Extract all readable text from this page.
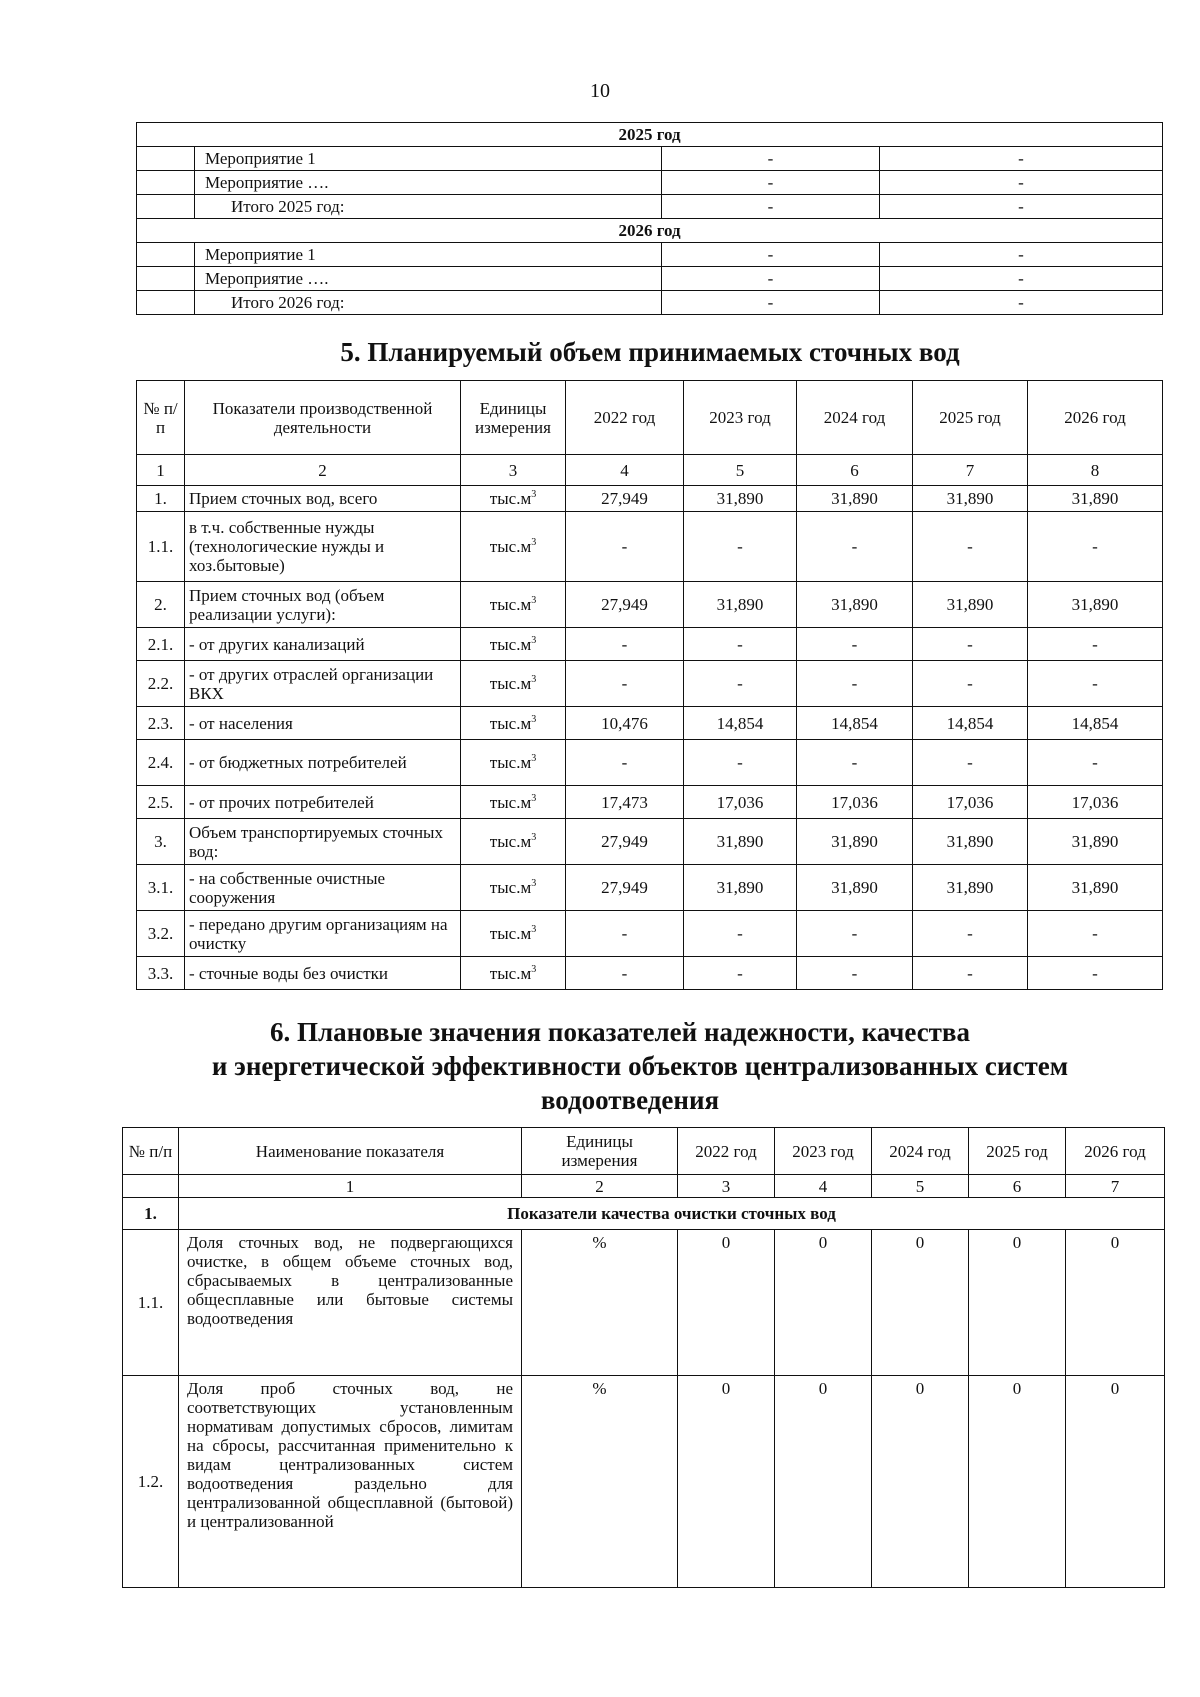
10
2025 год			
	Мероприятие 1	-	-
	Мероприятие ….	-	-
	Итого 2025 год:	-	-
2026 год			
	Мероприятие 1	-	-
	Мероприятие ….	-	-
	Итого 2026 год:	-	-
5. Планируемый объем принимаемых сточных вод
№ п/п	Показатели производственной деятельности	Единицы измерения	2022 год	2023 год	2024 год	2025 год	2026 год
1	2	3	4	5	6	7	8
1.	Прием сточных вод, всего	$тыс.м^3$	27,949	31,890	31,890	31,890	31,890
1.1.	в т.ч. собственные нужды (технологические нужды и хоз.бытовые)	$тыс.м^3$	-	-	-	-	-
2.	Прием сточных вод (объем реализации услуги):	$тыс.м^3$	27,949	31,890	31,890	31,890	31,890
2.1.	- от других канализаций	$тыс.м^3$	-	-	-	-	-
2.2.	- от других отраслей организации ВКХ	$тыс.м^3$	-	-	-	-	-
2.3.	- от населения	$тыс.м^3$	10,476	14,854	14,854	14,854	14,854
2.4.	- от бюджетных потребителей	$тыс.м^3$	-	-	-	-	-
2.5.	- от прочих потребителей	$тыс.м^3$	17,473	17,036	17,036	17,036	17,036
3.	Объем транспортируемых сточных вод:	$тыс.м^3$	27,949	31,890	31,890	31,890	31,890
3.1.	- на собственные очистные сооружения	$тыс.м^3$	27,949	31,890	31,890	31,890	31,890
3.2.	- передано другим организациям на очистку	$тыс.м^3$	-	-	-	-	-
3.3.	- сточные воды без очистки	$тыс.м^3$	-	-	-	-	-
6. Плановые значения показателей надежности, качества
и энергетической эффективности объектов централизованных систем
водоотведения
№ п/п	Наименование показателя	Единицы измерения	2022 год	2023 год	2024 год	2025 год	2026 год
	1	2	3	4	5	6	7
1.	Показатели качества очистки сточных вод						
1.1.	Доля сточных вод, не подвергающихся очистке, в общем объеме сточных вод, сбрасываемых в централизованные общесплавные или бытовые системы водоотведения	%	0	0	0	0	0
1.2.	Доля проб сточных вод, не соответствующих установленным нормативам допустимых сбросов, лимитам на сбросы, рассчитанная применительно к видам централизованных систем водоотведения раздельно для централизованной общесплавной (бытовой) и централизованной	%	0	0	0	0	0
